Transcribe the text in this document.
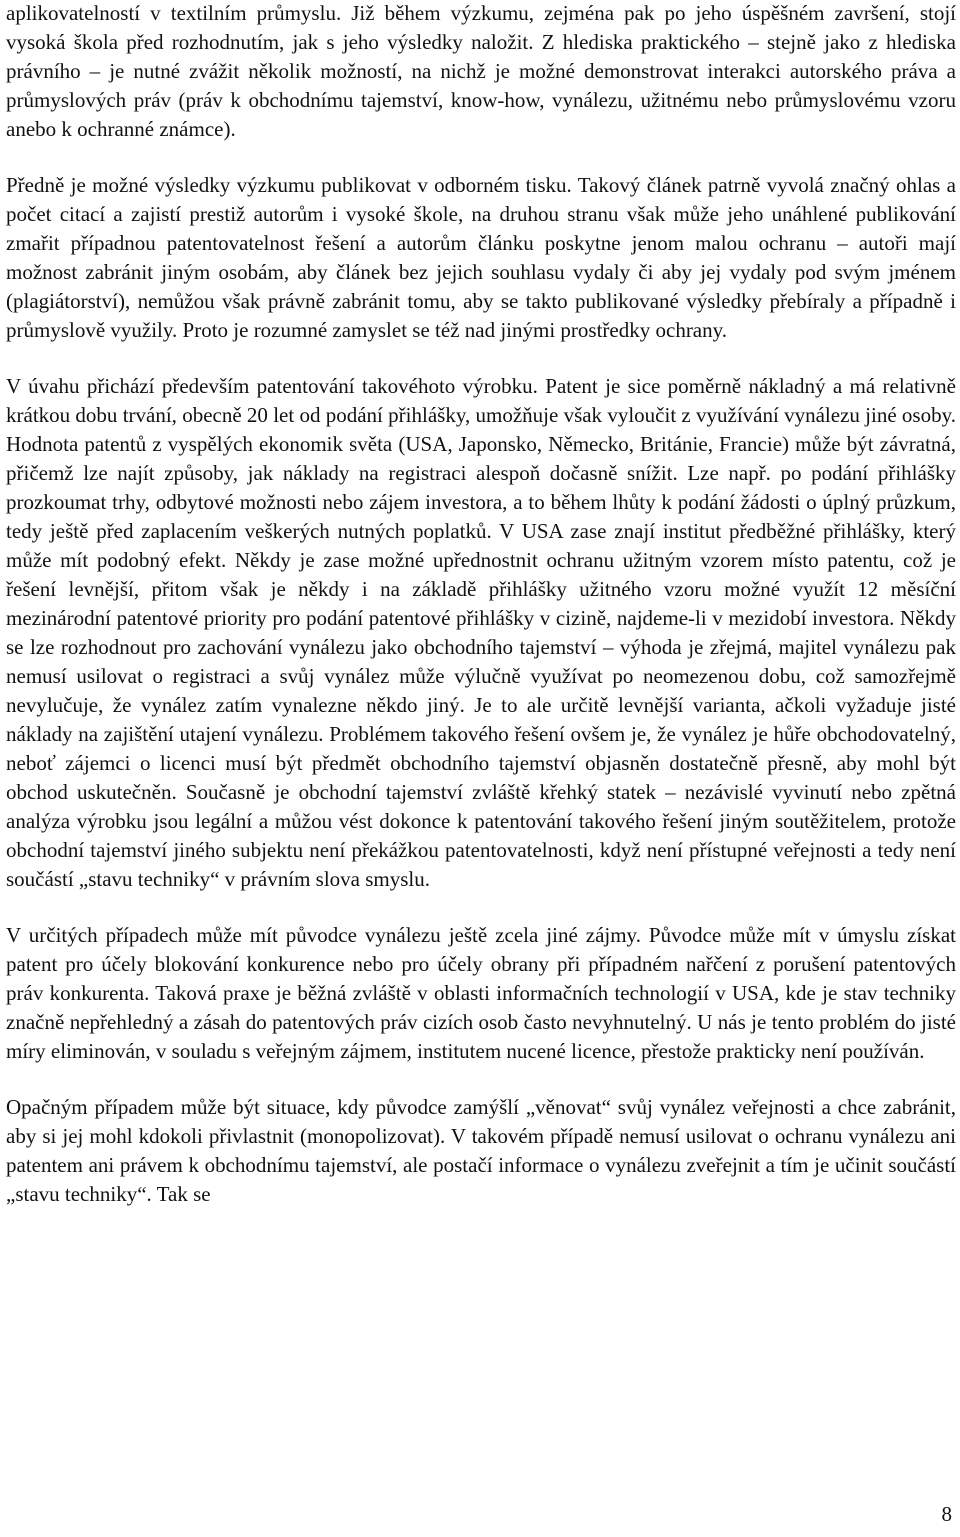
aplikovatelností v textilním průmyslu. Již během výzkumu, zejména pak po jeho úspěšném završení, stojí vysoká škola před rozhodnutím, jak s jeho výsledky naložit. Z hlediska praktického – stejně jako z hlediska právního – je nutné zvážit několik možností, na nichž je možné demonstrovat interakci autorského práva a průmyslových práv (práv k obchodnímu tajemství, know-how, vynálezu, užitnému nebo průmyslovému vzoru anebo k ochranné známce).

Předně je možné výsledky výzkumu publikovat v odborném tisku. Takový článek patrně vyvolá značný ohlas a počet citací a zajistí prestiž autorům i vysoké škole, na druhou stranu však může jeho unáhlené publikování zmařit případnou patentovatelnost řešení a autorům článku poskytne jenom malou ochranu – autoři mají možnost zabránit jiným osobám, aby článek bez jejich souhlasu vydaly či aby jej vydaly pod svým jménem (plagiátorství), nemůžou však právně zabránit tomu, aby se takto publikované výsledky přebíraly a případně i průmyslově využily. Proto je rozumné zamyslet se též nad jinými prostředky ochrany.

V úvahu přichází především patentování takovéhoto výrobku. Patent je sice poměrně nákladný a má relativně krátkou dobu trvání, obecně 20 let od podání přihlášky, umožňuje však vyloučit z využívání vynálezu jiné osoby. Hodnota patentů z vyspělých ekonomik světa (USA, Japonsko, Německo, Británie, Francie) může být závratná, přičemž lze najít způsoby, jak náklady na registraci alespoň dočasně snížit. Lze např. po podání přihlášky prozkoumat trhy, odbytové možnosti nebo zájem investora, a to během lhůty k podání žádosti o úplný průzkum, tedy ještě před zaplacením veškerých nutných poplatků. V USA zase znají institut předběžné přihlášky, který může mít podobný efekt. Někdy je zase možné upřednostnit ochranu užitným vzorem místo patentu, což je řešení levnější, přitom však je někdy i na základě přihlášky užitného vzoru možné využít 12 měsíční mezinárodní patentové priority pro podání patentové přihlášky v cizině, najdeme-li v mezidobí investora. Někdy se lze rozhodnout pro zachování vynálezu jako obchodního tajemství – výhoda je zřejmá, majitel vynálezu pak nemusí usilovat o registraci a svůj vynález může výlučně využívat po neomezenou dobu, což samozřejmě nevylučuje, že vynález zatím vynalezne někdo jiný. Je to ale určitě levnější varianta, ačkoli vyžaduje jisté náklady na zajištění utajení vynálezu. Problémem takového řešení ovšem je, že vynález je hůře obchodovatelný, neboť zájemci o licenci musí být předmět obchodního tajemství objasněn dostatečně přesně, aby mohl být obchod uskutečněn. Současně je obchodní tajemství zvláště křehký statek – nezávislé vyvinutí nebo zpětná analýza výrobku jsou legální a můžou vést dokonce k patentování takového řešení jiným soutěžitelem, protože obchodní tajemství jiného subjektu není překážkou patentovatelnosti, když není přístupné veřejnosti a tedy není součástí „stavu techniky“ v právním slova smyslu.

V určitých případech může mít původce vynálezu ještě zcela jiné zájmy. Původce může mít v úmyslu získat patent pro účely blokování konkurence nebo pro účely obrany při případném nařčení z porušení patentových práv konkurenta. Taková praxe je běžná zvláště v oblasti informačních technologií v USA, kde je stav techniky značně nepřehledný a zásah do patentových práv cizích osob často nevyhnutelný. U nás je tento problém do jisté míry eliminován, v souladu s veřejným zájmem, institutem nucené licence, přestože prakticky není používán.

Opačným případem může být situace, kdy původce zamýšlí „věnovat“ svůj vynález veřejnosti a chce zabránit, aby si jej mohl kdokoli přivlastnit (monopolizovat). V takovém případě nemusí usilovat o ochranu vynálezu ani patentem ani právem k obchodnímu tajemství, ale postačí informace o vynálezu zveřejnit a tím je učinit součástí „stavu techniky“. Tak se

8
